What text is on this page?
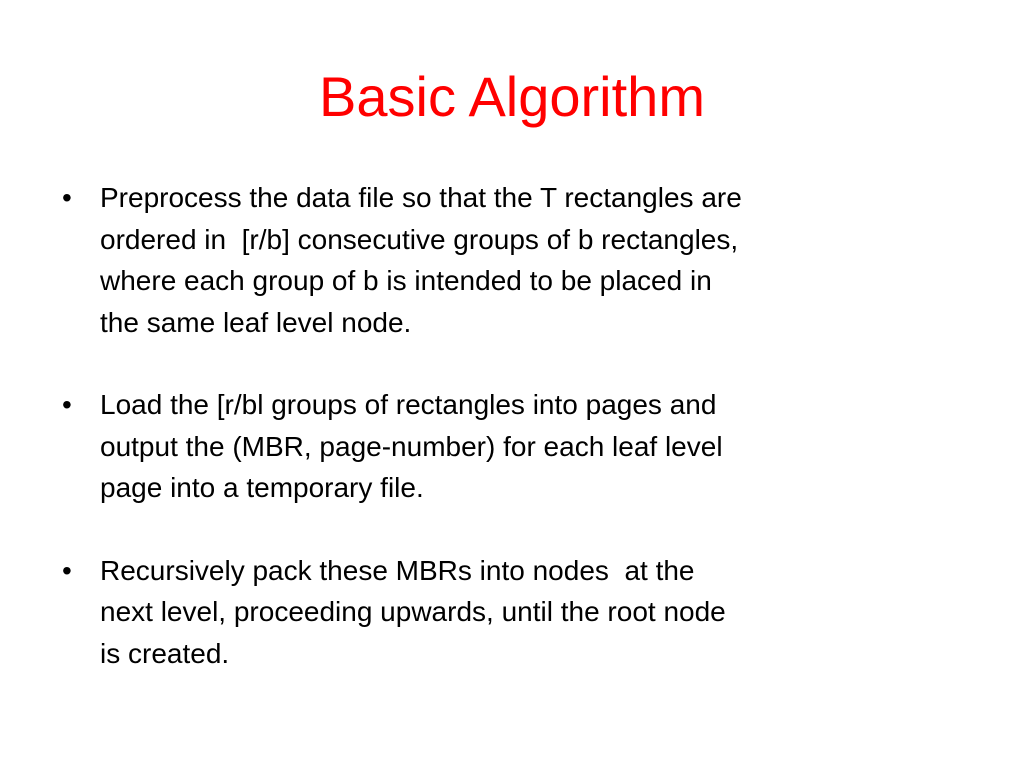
Basic Algorithm
•	Preprocess the data file so that the T rectangles are
ordered in  [r/b] consecutive groups of b rectangles,
where each group of b is intended to be placed in
the same leaf level node.
•	Load the [r/bl groups of rectangles into pages and
output the (MBR, page-number) for each leaf level
page into a temporary file.
•	Recursively pack these MBRs into nodes  at the
next level, proceeding upwards, until the root node
is created.
